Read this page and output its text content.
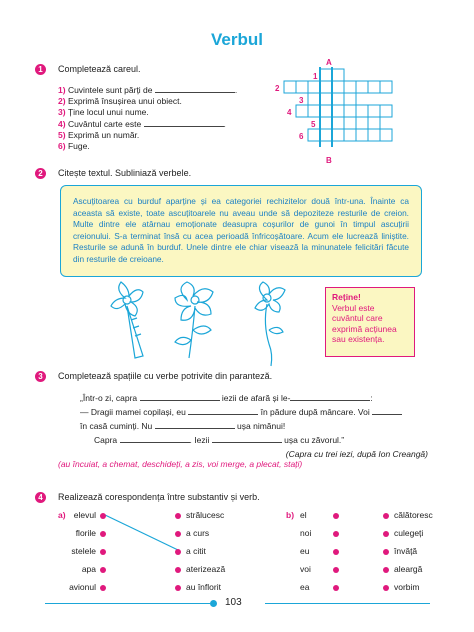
Verbul
1	Completează careul.
1) Cuvintele sunt părți de	.
2) Exprimă însușirea unui obiect.
3) Ține locul unui nume.
4) Cuvântul carte este	.
5) Exprimă un număr.
6) Fuge.
A
B
1
2
3
4
5
6
2	Citește textul. Subliniază verbele.
Ascuțitoarea cu burduf aparține și ea categoriei rechizitelor două într-una. Înainte ca aceasta să existe, toate ascuțitoarele nu aveau unde să depoziteze resturile de creion. Multe dintre ele atârnau emoționate deasupra coșurilor de gunoi în timpul ascuțirii creionului. S-a terminat însă cu acea perioadă înfricoșătoare. Acum ele lucrează liniștite. Resturile se adună în burduf. Unele dintre ele chiar visează la minunatele felicitări făcute din resturile de creioane.
Reține!
Verbul este cuvântul care exprimă acțiunea sau existența.
3	Completează spațiile cu verbe potrivite din paranteză.
„Într-o zi, capra	iezii de afară și le-	:
— Dragii mamei copilași, eu	în pădure după mâncare. Voi
în casă cuminți. Nu	ușa nimănui!
Capra	. Iezii	ușa cu zăvorul.”
(Capra cu trei iezi, după Ion Creangă)
(au încuiat, a chemat, deschideți, a zis, voi merge, a plecat, stați)
4	Realizează corespondența între substantiv și verb.
a)	b)
elevul	strălucesc	el	călătoresc
florile	a curs	noi	culegeți
stelele	a citit	eu	învăță
apa	aterizează	voi	aleargă
avionul	au înflorit	ea	vorbim
103
